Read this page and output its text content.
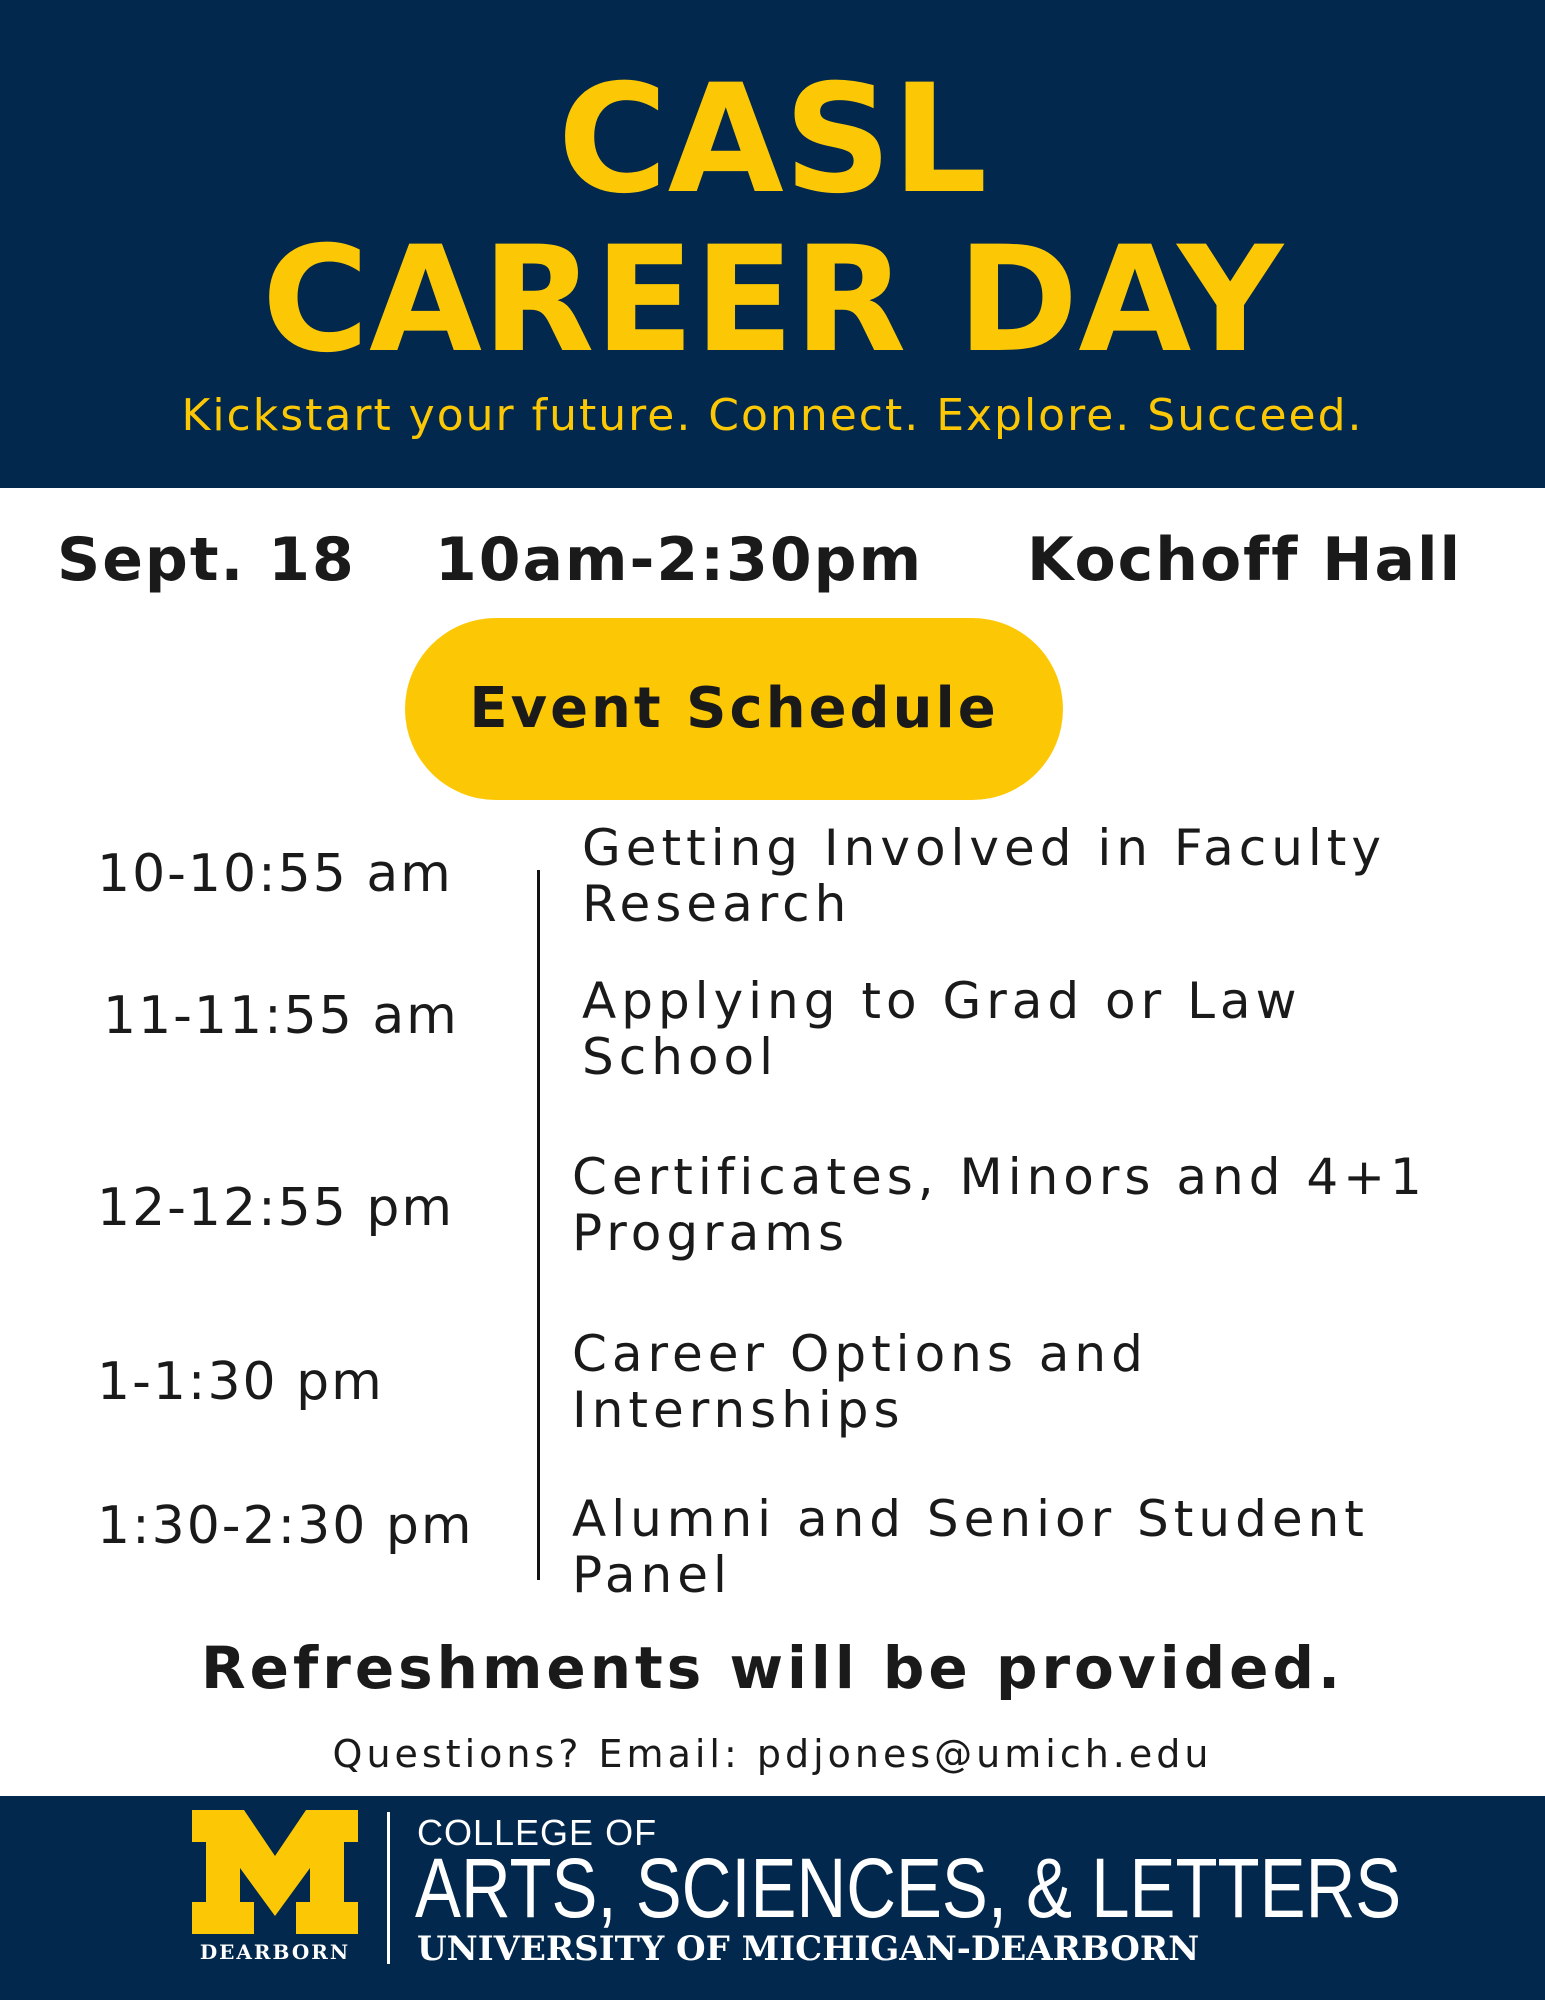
CASL
CAREER DAY
Kickstart your future. Connect. Explore. Succeed.
Sept. 18 10am-2:30pm Kochoff Hall
Event Schedule
10-10:55 am	Getting Involved in Faculty
Research
11-11:55 am Applying to Grad or Law
School
12-12:55 pm
Certificates, Minors and 4+1
Programs
1-1:30 pm	Career Options and
Internships
1:30-2:30 pm Alumni and Senior Student
Panel
Refreshments will be provided.
Questions? Email: pdjones@umich.edu
DEARBORN
COLLEGE OF
ARTS, SCIENCES, & LETTERS
UNIVERSITY OF MICHIGAN-DEARBORN
